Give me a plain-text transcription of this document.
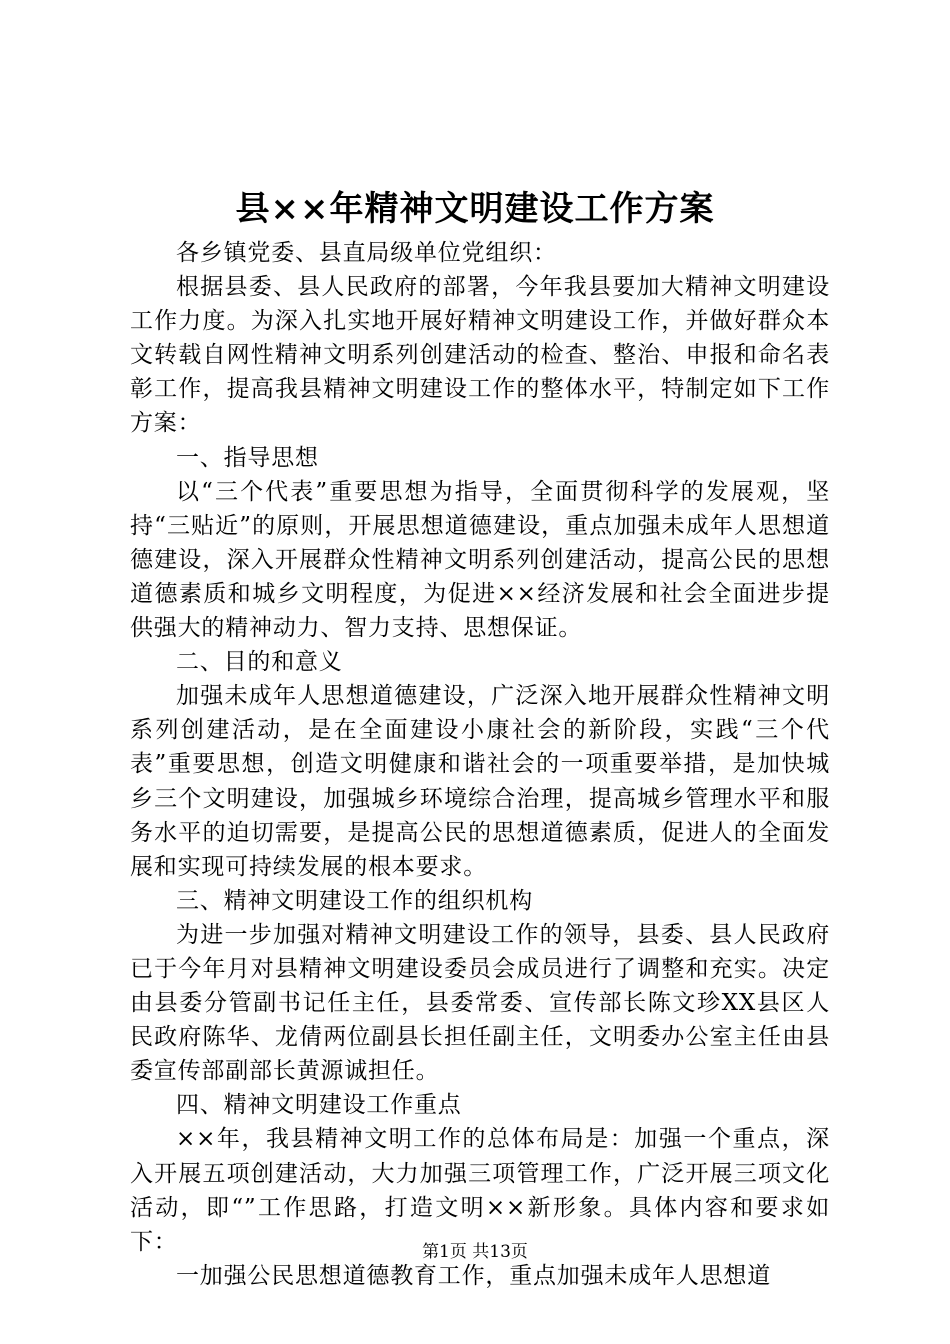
县××年精神文明建设工作方案

各乡镇党委、县直局级单位党组织：

根据县委、县人民政府的部署，今年我县要加大精神文明建设工作力度。为深入扎实地开展好精神文明建设工作，并做好群众本文转载自网性精神文明系列创建活动的检查、整治、申报和命名表彰工作，提高我县精神文明建设工作的整体水平，特制定如下工作方案：

一、指导思想

以“三个代表”重要思想为指导，全面贯彻科学的发展观，坚持“三贴近”的原则，开展思想道德建设，重点加强未成年人思想道德建设，深入开展群众性精神文明系列创建活动，提高公民的思想道德素质和城乡文明程度，为促进××经济发展和社会全面进步提供强大的精神动力、智力支持、思想保证。

二、目的和意义

加强未成年人思想道德建设，广泛深入地开展群众性精神文明系列创建活动，是在全面建设小康社会的新阶段，实践“三个代表”重要思想，创造文明健康和谐社会的一项重要举措，是加快城乡三个文明建设，加强城乡环境综合治理，提高城乡管理水平和服务水平的迫切需要，是提高公民的思想道德素质，促进人的全面发展和实现可持续发展的根本要求。

三、精神文明建设工作的组织机构

为进一步加强对精神文明建设工作的领导，县委、县人民政府已于今年月对县精神文明建设委员会成员进行了调整和充实。决定由县委分管副书记任主任，县委常委、宣传部长陈文珍XX县区人民政府陈华、龙倩两位副县长担任副主任，文明委办公室主任由县委宣传部副部长黄源诚担任。

四、精神文明建设工作重点

××年，我县精神文明工作的总体布局是：加强一个重点，深入开展五项创建活动，大力加强三项管理工作，广泛开展三项文化活动，即“”工作思路，打造文明××新形象。具体内容和要求如下：

一加强公民思想道德教育工作，重点加强未成年人思想道

第1页 共13页
